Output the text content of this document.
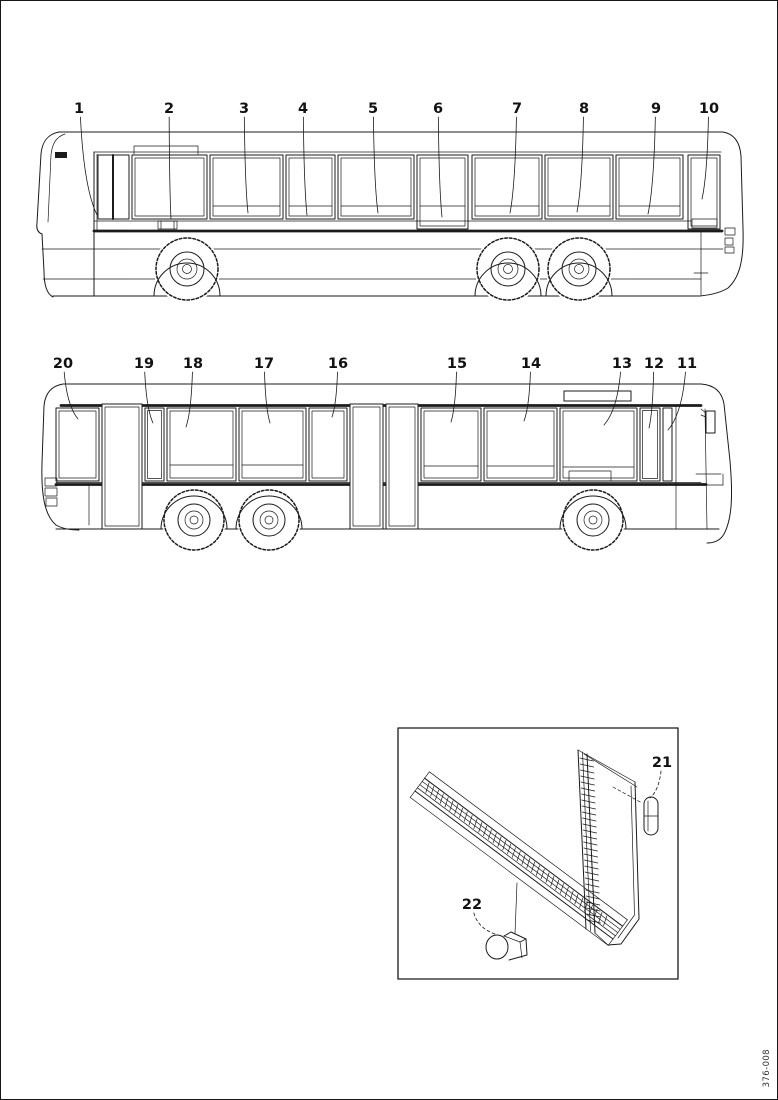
1	2	3	4	5	6	7	8	9	10
20	19 18	17	16	15	14	13 12 11
21
22
376-008
